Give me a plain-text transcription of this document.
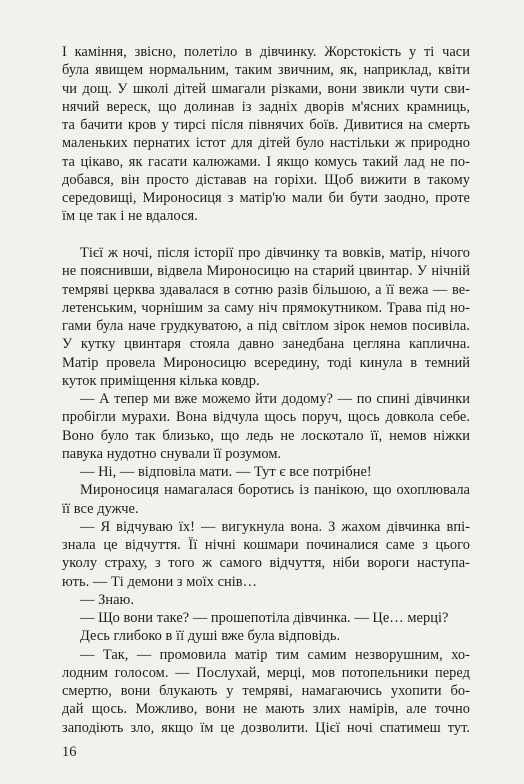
І каміння, звісно, полетіло в дівчинку. Жорстокість у ті часи
була явищем нормальним, таким звичним, як, наприклад, квіти
чи дощ. У школі дітей шмагали різками, вони звикли чути сви-
нячий вереск, що долинав із задніх дворів м'ясних крамниць,
та бачити кров у тирсі після півнячих боїв. Дивитися на смерть
маленьких пернатих істот для дітей було настільки ж природно
та цікаво, як гасати калюжами. І якщо комусь такий лад не по-
добався, він просто діставав на горіхи. Щоб вижити в такому
середовищі, Мироносиця з матір'ю мали би бути заодно, проте
їм це так і не вдалося.
Тієї ж ночі, після історії про дівчинку та вовків, матір, нічого
не пояснивши, відвела Мироносицю на старий цвинтар. У нічній
темряві церква здавалася в сотню разів більшою, а її вежа — ве-
летенським, чорнішим за саму ніч прямокутником. Трава під но-
гами була наче грудкуватою, а під світлом зірок немов посивіла.
У кутку цвинтаря стояла давно занедбана цегляна каплична.
Матір провела Мироносицю всередину, тоді кинула в темний
куток приміщення кілька ковдр.
— А тепер ми вже можемо йти додому? — по спині дівчинки
пробігли мурахи. Вона відчула щось поруч, щось довкола себе.
Воно було так близько, що ледь не лоскотало її, немов ніжки
павука нудотно снували її розумом.
— Ні, — відповіла мати. — Тут є все потрібне!
Мироносиця намагалася боротись із панікою, що охоплювала
її все дужче.
— Я відчуваю їх! — вигукнула вона. З жахом дівчинка впі-
знала це відчуття. Її нічні кошмари починалися саме з цього
уколу страху, з того ж самого відчуття, ніби вороги наступа-
ють. — Ті демони з моїх снів…
— Знаю.
— Що вони таке? — прошепотіла дівчинка. — Це… мерці?
Десь глибоко в її душі вже була відповідь.
— Так, — промовила матір тим самим незворушним, хо-
лодним голосом. — Послухай, мерці, мов потопельники перед
смертю, вони блукають у темряві, намагаючись ухопити бо-
дай щось. Можливо, вони не мають злих намірів, але точно
заподіють зло, якщо їм це дозволити. Цієї ночі спатимеш тут.
16
